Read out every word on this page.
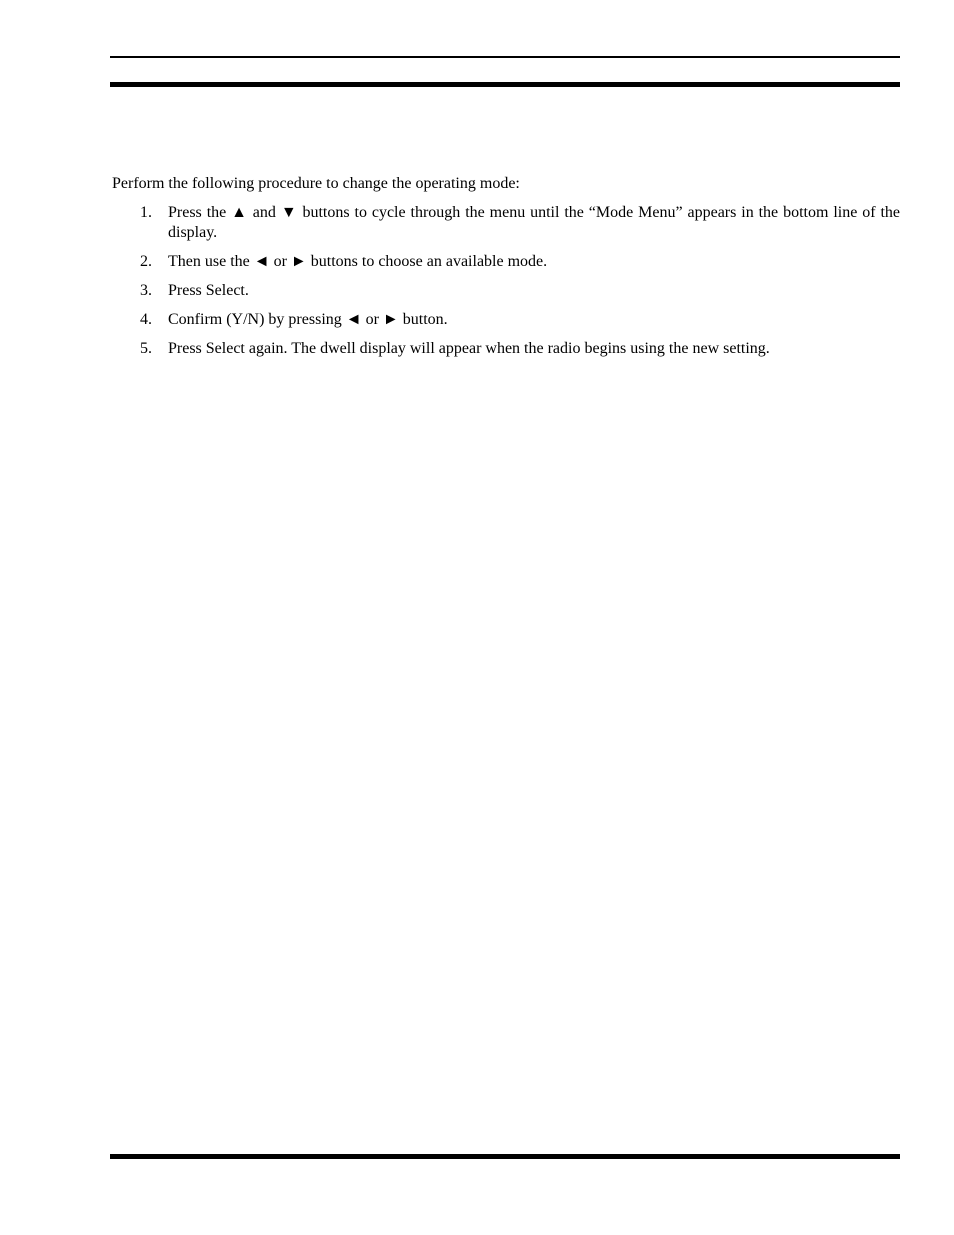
Perform the following procedure to change the operating mode:

1. Press the ▲ and ▼ buttons to cycle through the menu until the “Mode Menu” appears in the bottom line of the display.
2. Then use the ◄ or ► buttons to choose an available mode.
3. Press Select.
4. Confirm (Y/N) by pressing ◄ or ► button.
5. Press Select again. The dwell display will appear when the radio begins using the new setting.
